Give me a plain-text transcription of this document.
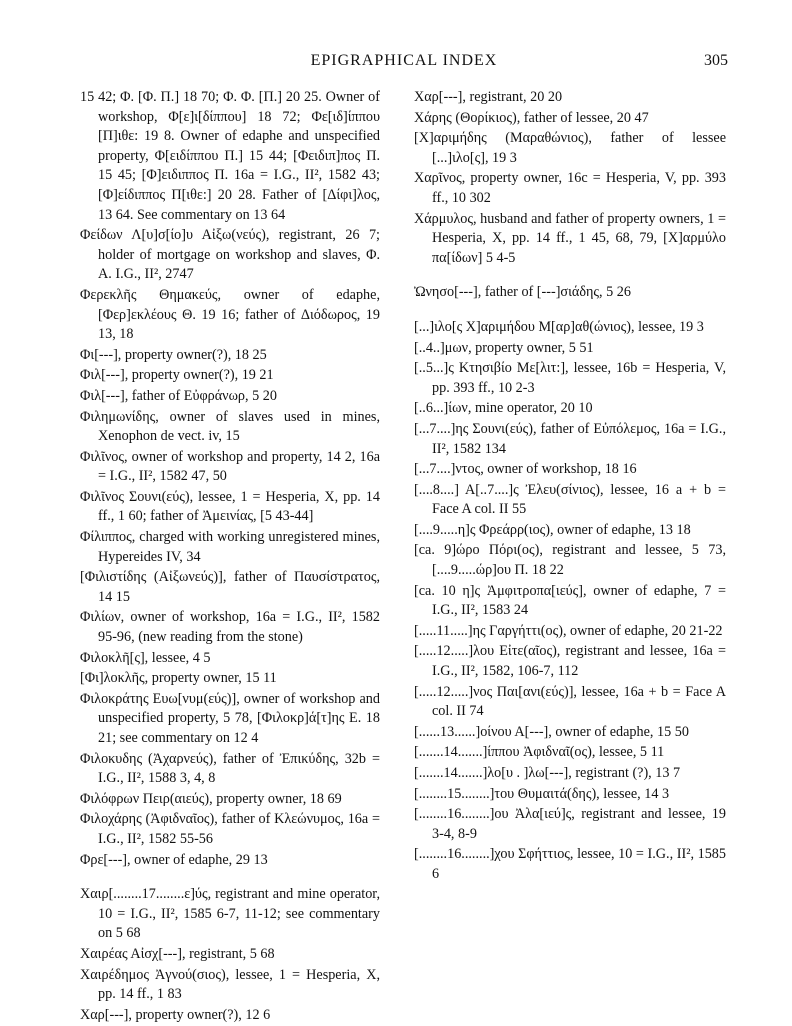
EPIGRAPHICAL INDEX	305

15 42; Φ. [Φ. Π.] 18 70; Φ. Φ. [Π.] 20 25. Owner of workshop, Φ[ε]ι[δίππου] 18 72; Φε[ιδ]ίππου [Π]ιθε: 19 8. Owner of edaphe and unspecified property, Φ[ειδίππου Π.] 15 44; [Φειδιπ]πος Π. 15 45; [Φ]ειδιππος Π. 16a = I.G., II², 1582 43; [Φ]είδιππος Π[ιθε:] 20 28. Father of [Δίφι]λος, 13 64. See commentary on 13 64

Φείδων Λ[υ]σ[ίο]υ Αἰξω(νεύς), registrant, 26 7; holder of mortgage on workshop and slaves, Φ. Α. I.G., II², 2747

Φερεκλῆς Θημακεύς, owner of edaphe, [Φερ]εκλέους Θ. 19 16; father of Διόδωρος, 19 13, 18

Φι[---], property owner(?), 18 25

Φιλ[---], property owner(?), 19 21

Φιλ[---], father of Εὐφράνωρ, 5 20

Φιλημωνίδης, owner of slaves used in mines, Xenophon de vect. iv, 15

Φιλῖνος, owner of workshop and property, 14 2, 16a = I.G., II², 1582 47, 50

Φιλῖνος Σουνι(εύς), lessee, 1 = Hesperia, X, pp. 14 ff., 1 60; father of Ἀμεινίας, [5 43-44]

Φίλιππος, charged with working unregistered mines, Hypereides IV, 34

[Φιλιστίδης (Αἰξωνεύς)], father of Παυσίστρατος, 14 15

Φιλίων, owner of workshop, 16a = I.G., II², 1582 95-96, (new reading from the stone)

Φιλοκλῆ[ς], lessee, 4 5

[Φι]λοκλῆς, property owner, 15 11

Φιλοκράτης Ευω[νυμ(εύς)], owner of workshop and unspecified property, 5 78, [Φιλοκρ]ά[τ]ης Ε. 18 21; see commentary on 12 4

Φιλοκυδης (Ἀχαρνεύς), father of Ἐπικύδης, 32b = I.G., II², 1588 3, 4, 8

Φιλόφρων Πειρ(αιεύς), property owner, 18 69

Φιλοχάρης (Ἀφιδναῖος), father of Κλεώνυμος, 16a = I.G., II², 1582 55-56

Φρε[---], owner of edaphe, 29 13

Χαιρ[........17........ε]ύς, registrant and mine operator, 10 = I.G., II², 1585 6-7, 11-12; see commentary on 5 68

Χαιρέας Αἰσχ[---], registrant, 5 68

Χαιρέδημος Ἀγνού(σιος), lessee, 1 = Hesperia, X, pp. 14 ff., 1 83

Χαρ[---], property owner(?), 12 6

Χαρ[---], registrant, 20 20

Χάρης (Θορίκιος), father of lessee, 20 47

[Χ]αριμήδης (Μαραθώνιος), father of lessee [...]ιλο[ς], 19 3

Χαρῖνος, property owner, 16c = Hesperia, V, pp. 393 ff., 10 302

Χάρμυλος, husband and father of property owners, 1 = Hesperia, X, pp. 14 ff., 1 45, 68, 79, [Χ]αρμύλο πα[ίδων] 5 4-5

Ὠνησο[---], father of [---]σιάδης, 5 26

[...]ιλο[ς Χ]αριμήδου Μ[αρ]αθ(ώνιος), lessee, 19 3

[..4..]μων, property owner, 5 51

[..5...]ς Κτησιβίο Με[λιτ:], lessee, 16b = Hesperia, V, pp. 393 ff., 10 2-3

[..6...]ίων, mine operator, 20 10

[...7....]ης Σουνι(εύς), father of Εὐπόλεμος, 16a = I.G., II², 1582 134

[...7....]ντος, owner of workshop, 18 16

[....8....] Α[..7....]ς Ἐλευ(σίνιος), lessee, 16 a + b = Face A col. II 55

[....9.....η]ς Φρεάρρ(ιος), owner of edaphe, 13 18

[ca. 9]ώρο Πόρι(ος), registrant and lessee, 5 73, [....9.....ώρ]ου Π. 18 22

[ca. 10 η]ς Ἀμφιτροπα[ιεύς], owner of edaphe, 7 = I.G., II², 1583 24

[.....11.....]ης Γαργήττι(ος), owner of edaphe, 20 21-22

[.....12.....]λου Εἰτε(αῖος), registrant and lessee, 16a = I.G., II², 1582, 106-7, 112

[.....12.....]νος Παι[ανι(εύς)], lessee, 16a + b = Face A col. II 74

[......13......]οίνου Α[---], owner of edaphe, 15 50

[.......14.......]ίππου Ἀφιδναῖ(ος), lessee, 5 11

[.......14.......]λο[υ . ]λω[---], registrant (?), 13 7

[........15........]του Θυμαιτά(δης), lessee, 14 3

[........16........]ου Ἀλα[ιεύ]ς, registrant and lessee, 19 3-4, 8-9

[........16........]χου Σφήττιος, lessee, 10 = I.G., II², 1585 6
